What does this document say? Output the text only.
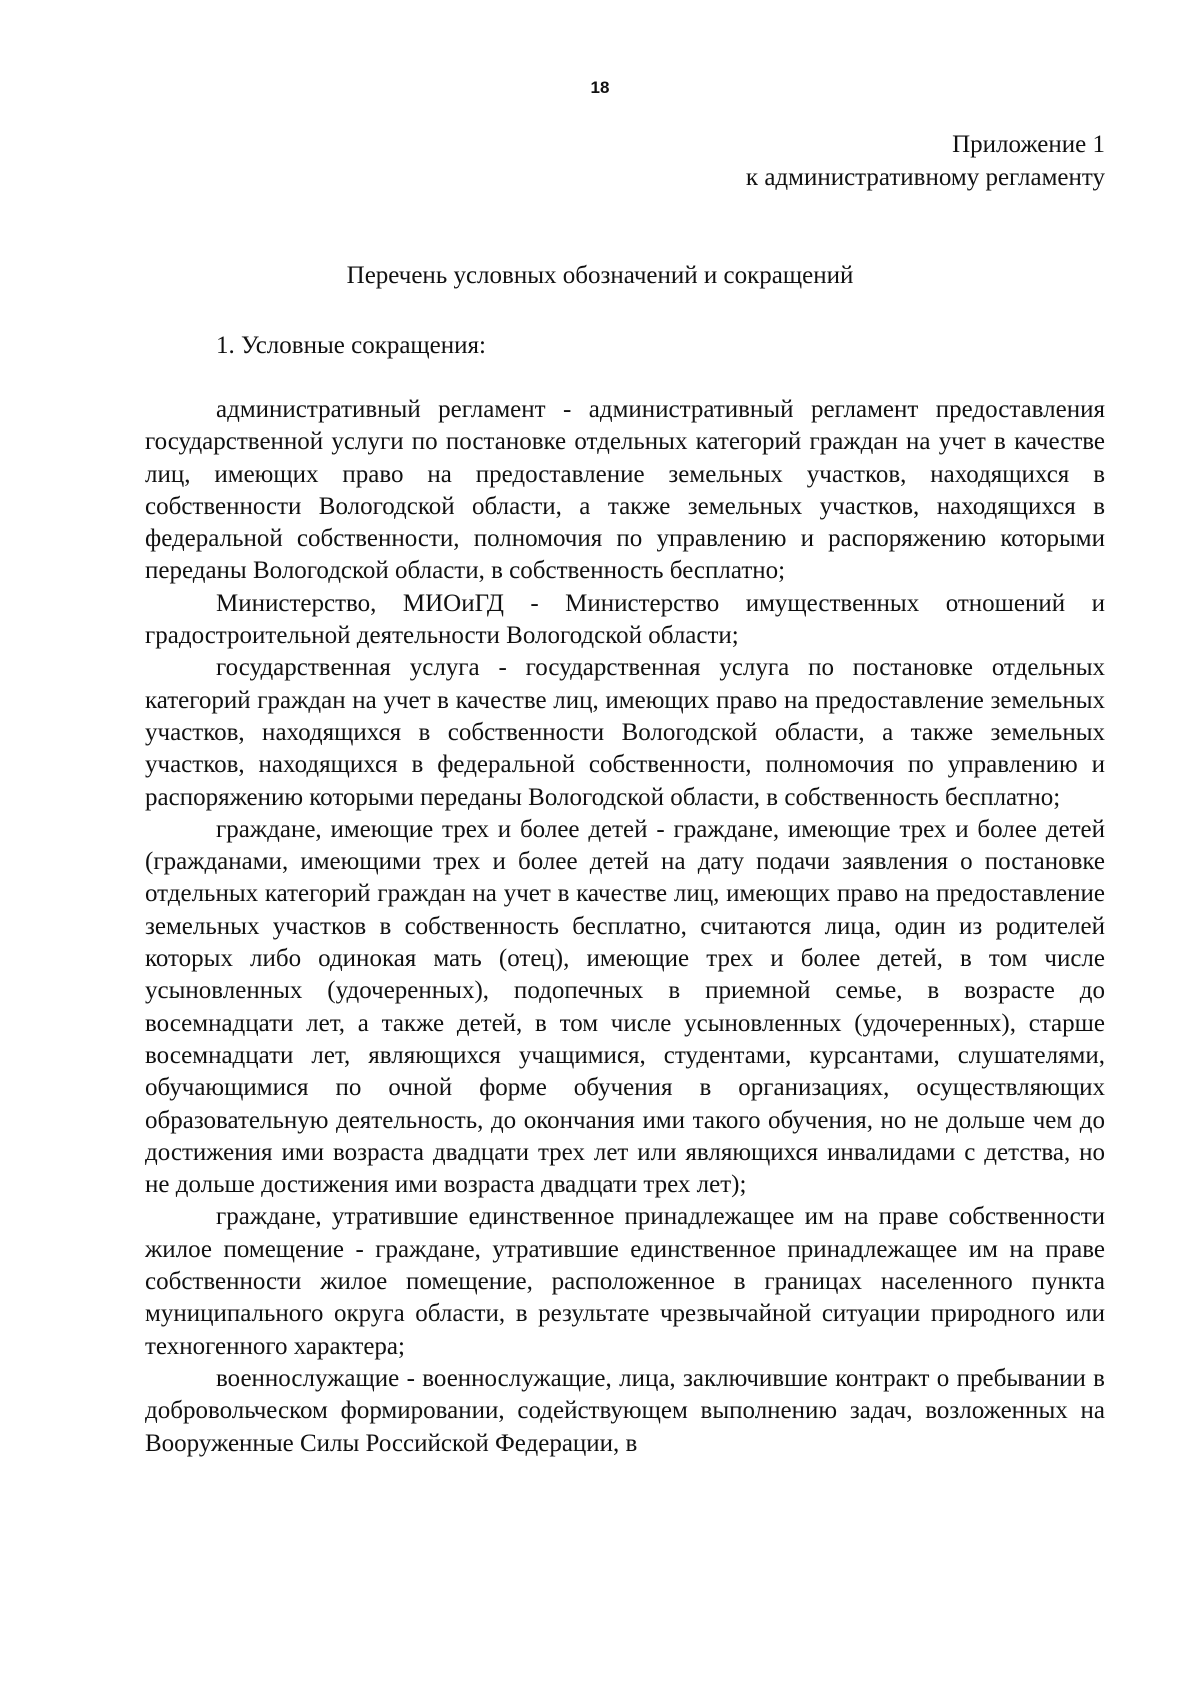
18
Приложение 1
к административному регламенту
Перечень условных обозначений и сокращений
1. Условные сокращения:

административный регламент - административный регламент предоставления государственной услуги по постановке отдельных категорий граждан на учет в качестве лиц, имеющих право на предоставление земельных участков, находящихся в собственности Вологодской области, а также земельных участков, находящихся в федеральной собственности, полномочия по управлению и распоряжению которыми переданы Вологодской области, в собственность бесплатно;

Министерство, МИОиГД - Министерство имущественных отношений и градостроительной деятельности Вологодской области;

государственная услуга - государственная услуга по постановке отдельных категорий граждан на учет в качестве лиц, имеющих право на предоставление земельных участков, находящихся в собственности Вологодской области, а также земельных участков, находящихся в федеральной собственности, полномочия по управлению и распоряжению которыми переданы Вологодской области, в собственность бесплатно;

граждане, имеющие трех и более детей - граждане, имеющие трех и более детей (гражданами, имеющими трех и более детей на дату подачи заявления о постановке отдельных категорий граждан на учет в качестве лиц, имеющих право на предоставление земельных участков в собственность бесплатно, считаются лица, один из родителей которых либо одинокая мать (отец), имеющие трех и более детей, в том числе усыновленных (удочеренных), подопечных в приемной семье, в возрасте до восемнадцати лет, а также детей, в том числе усыновленных (удочеренных), старше восемнадцати лет, являющихся учащимися, студентами, курсантами, слушателями, обучающимися по очной форме обучения в организациях, осуществляющих образовательную деятельность, до окончания ими такого обучения, но не дольше чем до достижения ими возраста двадцати трех лет или являющихся инвалидами с детства, но не дольше достижения ими возраста двадцати трех лет);

граждане, утратившие единственное принадлежащее им на праве собственности жилое помещение - граждане, утратившие единственное принадлежащее им на праве собственности жилое помещение, расположенное в границах населенного пункта муниципального округа области, в результате чрезвычайной ситуации природного или техногенного характера;

военнослужащие - военнослужащие, лица, заключившие контракт о пребывании в добровольческом формировании, содействующем выполнению задач, возложенных на Вооруженные Силы Российской Федерации, в
